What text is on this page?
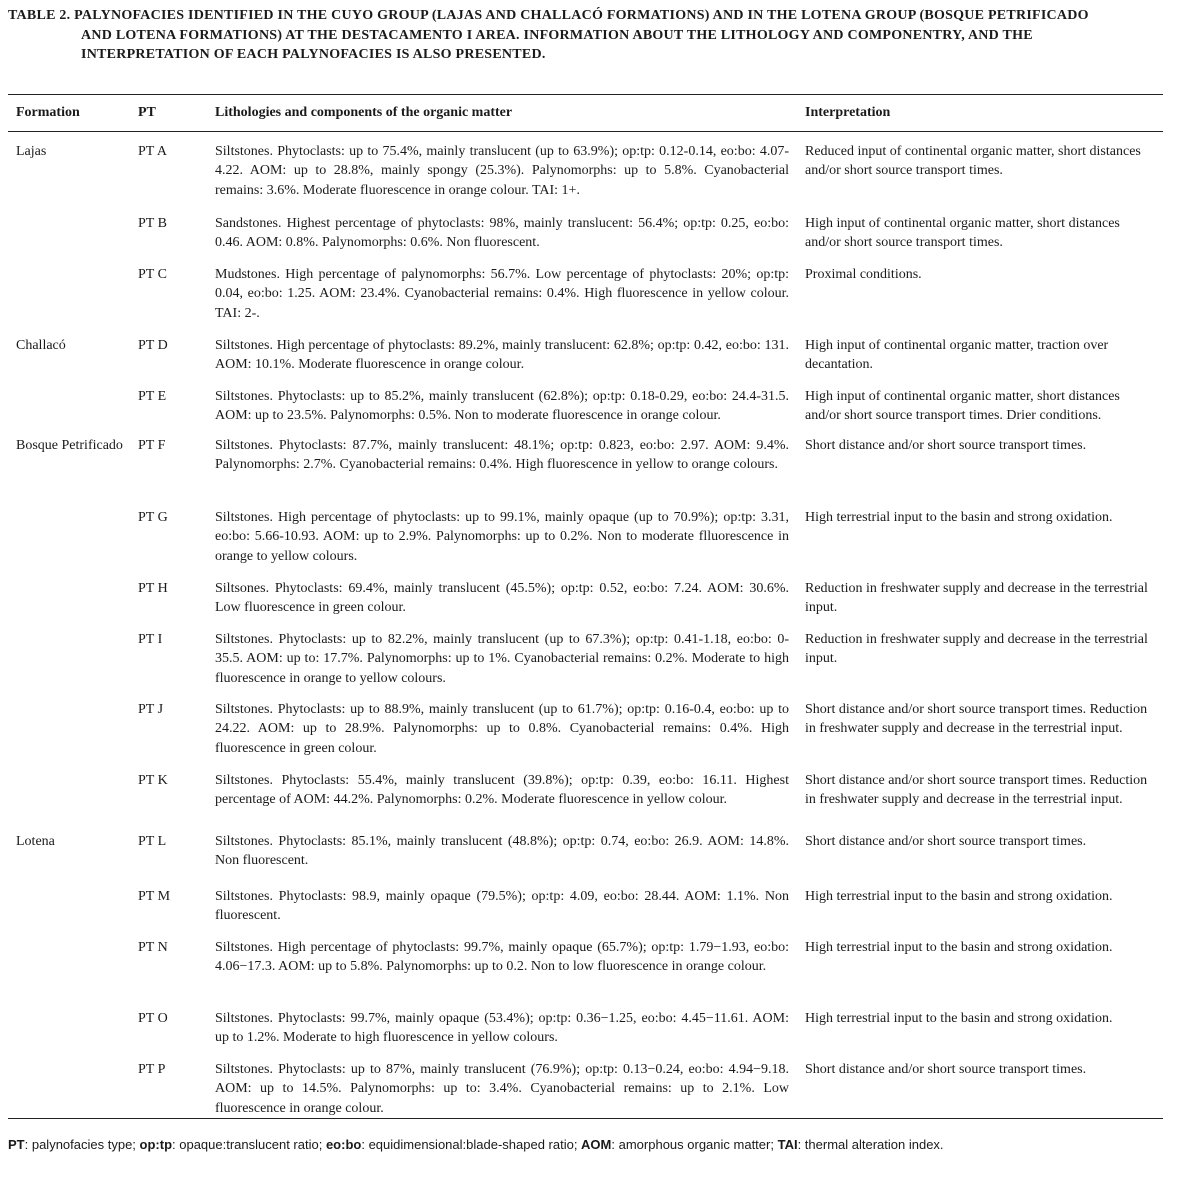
TABLE 2. PALYNOFACIES IDENTIFIED IN THE CUYO GROUP (LAJAS AND CHALLACÓ FORMATIONS) AND IN THE LOTENA GROUP (BOSQUE PETRIFICADO
AND LOTENA FORMATIONS) AT THE DESTACAMENTO I AREA. INFORMATION ABOUT THE LITHOLOGY AND COMPONENTRY, AND THE
INTERPRETATION OF EACH PALYNOFACIES IS ALSO PRESENTED.
Formation	PT	Lithologies and components of the organic matter	Interpretation
Lajas	PT A	Siltstones. Phytoclasts: up to 75.4%, mainly translucent (up to 63.9%); op:tp: 0.12-0.14, eo:bo: 4.07-4.22. AOM: up to 28.8%, mainly spongy (25.3%). Palynomorphs: up to 5.8%. Cyanobacterial remains: 3.6%. Moderate fluorescence in orange colour. TAI: 1+.	Reduced input of continental organic matter, short distances and/or short source transport times.
	PT B	Sandstones. Highest percentage of phytoclasts: 98%, mainly translucent: 56.4%; op:tp: 0.25, eo:bo: 0.46. AOM: 0.8%. Palynomorphs: 0.6%. Non fluorescent.	High input of continental organic matter, short distances and/or short source transport times.
	PT C	Mudstones. High percentage of palynomorphs: 56.7%. Low percentage of phytoclasts: 20%; op:tp: 0.04, eo:bo: 1.25. AOM: 23.4%. Cyanobacterial remains: 0.4%. High fluorescence in yellow colour. TAI: 2-.	Proximal conditions.
Challacó	PT D	Siltstones. High percentage of phytoclasts: 89.2%, mainly translucent: 62.8%; op:tp: 0.42, eo:bo: 131. AOM: 10.1%. Moderate fluorescence in orange colour.	High input of continental organic matter, traction over decantation.
	PT E	Siltstones. Phytoclasts: up to 85.2%, mainly translucent (62.8%); op:tp: 0.18-0.29, eo:bo: 24.4-31.5. AOM: up to 23.5%. Palynomorphs: 0.5%. Non to moderate fluorescence in orange colour.	High input of continental organic matter, short distances and/or short source transport times. Drier conditions.
Bosque Petrificado	PT F	Siltstones. Phytoclasts: 87.7%, mainly translucent: 48.1%; op:tp: 0.823, eo:bo: 2.97. AOM: 9.4%. Palynomorphs: 2.7%. Cyanobacterial remains: 0.4%. High fluorescence in yellow to orange colours.	Short distance and/or short source transport times.
	PT G	Siltstones. High percentage of phytoclasts: up to 99.1%, mainly opaque (up to 70.9%); op:tp: 3.31, eo:bo: 5.66-10.93. AOM: up to 2.9%. Palynomorphs: up to 0.2%. Non to moderate flluorescence in orange to yellow colours.	High terrestrial input to the basin and strong oxidation.
	PT H	Siltsones. Phytoclasts: 69.4%, mainly translucent (45.5%); op:tp: 0.52, eo:bo: 7.24. AOM: 30.6%. Low fluorescence in green colour.	Reduction in freshwater supply and decrease in the terrestrial input.
	PT I	Siltstones. Phytoclasts: up to 82.2%, mainly translucent (up to 67.3%); op:tp: 0.41-1.18, eo:bo: 0-35.5. AOM: up to: 17.7%. Palynomorphs: up to 1%. Cyanobacterial remains: 0.2%. Moderate to high fluorescence in orange to yellow colours.	Reduction in freshwater supply and decrease in the terrestrial input.
	PT J	Siltstones. Phytoclasts: up to 88.9%, mainly translucent (up to 61.7%); op:tp: 0.16-0.4, eo:bo: up to 24.22. AOM: up to 28.9%. Palynomorphs: up to 0.8%. Cyanobacterial remains: 0.4%. High fluorescence in green colour.	Short distance and/or short source transport times. Reduction in freshwater supply and decrease in the terrestrial input.
	PT K	Siltstones. Phytoclasts: 55.4%, mainly translucent (39.8%); op:tp: 0.39, eo:bo: 16.11. Highest percentage of AOM: 44.2%. Palynomorphs: 0.2%. Moderate fluorescence in yellow colour.	Short distance and/or short source transport times. Reduction in freshwater supply and decrease in the terrestrial input.
Lotena	PT L	Siltstones. Phytoclasts: 85.1%, mainly translucent (48.8%); op:tp: 0.74, eo:bo: 26.9. AOM: 14.8%. Non fluorescent.	Short distance and/or short source transport times.
	PT M	Siltstones. Phytoclasts: 98.9, mainly opaque (79.5%); op:tp: 4.09, eo:bo: 28.44. AOM: 1.1%. Non fluorescent.	High terrestrial input to the basin and strong oxidation.
	PT N	Siltstones. High percentage of phytoclasts: 99.7%, mainly opaque (65.7%); op:tp: 1.79−1.93, eo:bo: 4.06−17.3. AOM: up to 5.8%. Palynomorphs: up to 0.2. Non to low fluorescence in orange colour.	High terrestrial input to the basin and strong oxidation.
	PT O	Siltstones. Phytoclasts: 99.7%, mainly opaque (53.4%); op:tp: 0.36−1.25, eo:bo: 4.45−11.61. AOM: up to 1.2%. Moderate to high fluorescence in yellow colours.	High terrestrial input to the basin and strong oxidation.
	PT P	Siltstones. Phytoclasts: up to 87%, mainly translucent (76.9%); op:tp: 0.13−0.24, eo:bo: 4.94−9.18. AOM: up to 14.5%. Palynomorphs: up to: 3.4%. Cyanobacterial remains: up to 2.1%. Low fluorescence in orange colour.	Short distance and/or short source transport times.
PT: palynofacies type; op:tp: opaque:translucent ratio; eo:bo: equidimensional:blade-shaped ratio; AOM: amorphous organic matter; TAI: thermal alteration index.
